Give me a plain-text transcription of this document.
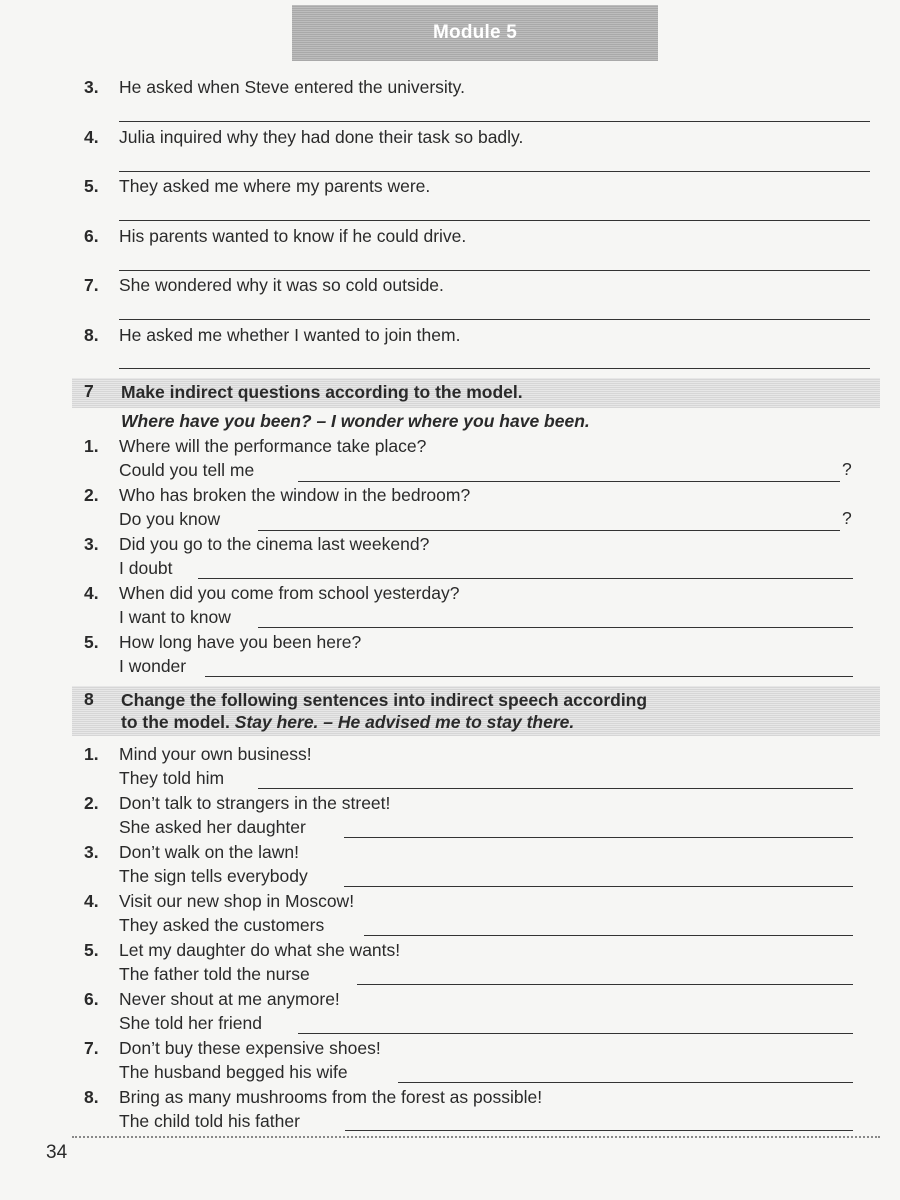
Module 5
3. He asked when Steve entered the university.
4. Julia inquired why they had done their task so badly.
5. They asked me where my parents were.
6. His parents wanted to know if he could drive.
7. She wondered why it was so cold outside.
8. He asked me whether I wanted to join them.
7 Make indirect questions according to the model.
Where have you been? – I wonder where you have been.
1. Where will the performance take place?
Could you tell me	?
2. Who has broken the window in the bedroom?
Do you know	?
3. Did you go to the cinema last weekend?
I doubt
4. When did you come from school yesterday?
I want to know
5. How long have you been here?
I wonder
8 Change the following sentences into indirect speech according
to the model. Stay here. – He advised me to stay there.
1. Mind your own business!
They told him
2. Don’t talk to strangers in the street!
She asked her daughter
3. Don’t walk on the lawn!
The sign tells everybody
4. Visit our new shop in Moscow!
They asked the customers
5. Let my daughter do what she wants!
The father told the nurse
6. Never shout at me anymore!
She told her friend
7. Don’t buy these expensive shoes!
The husband begged his wife
8. Bring as many mushrooms from the forest as possible!
The child told his father
34
